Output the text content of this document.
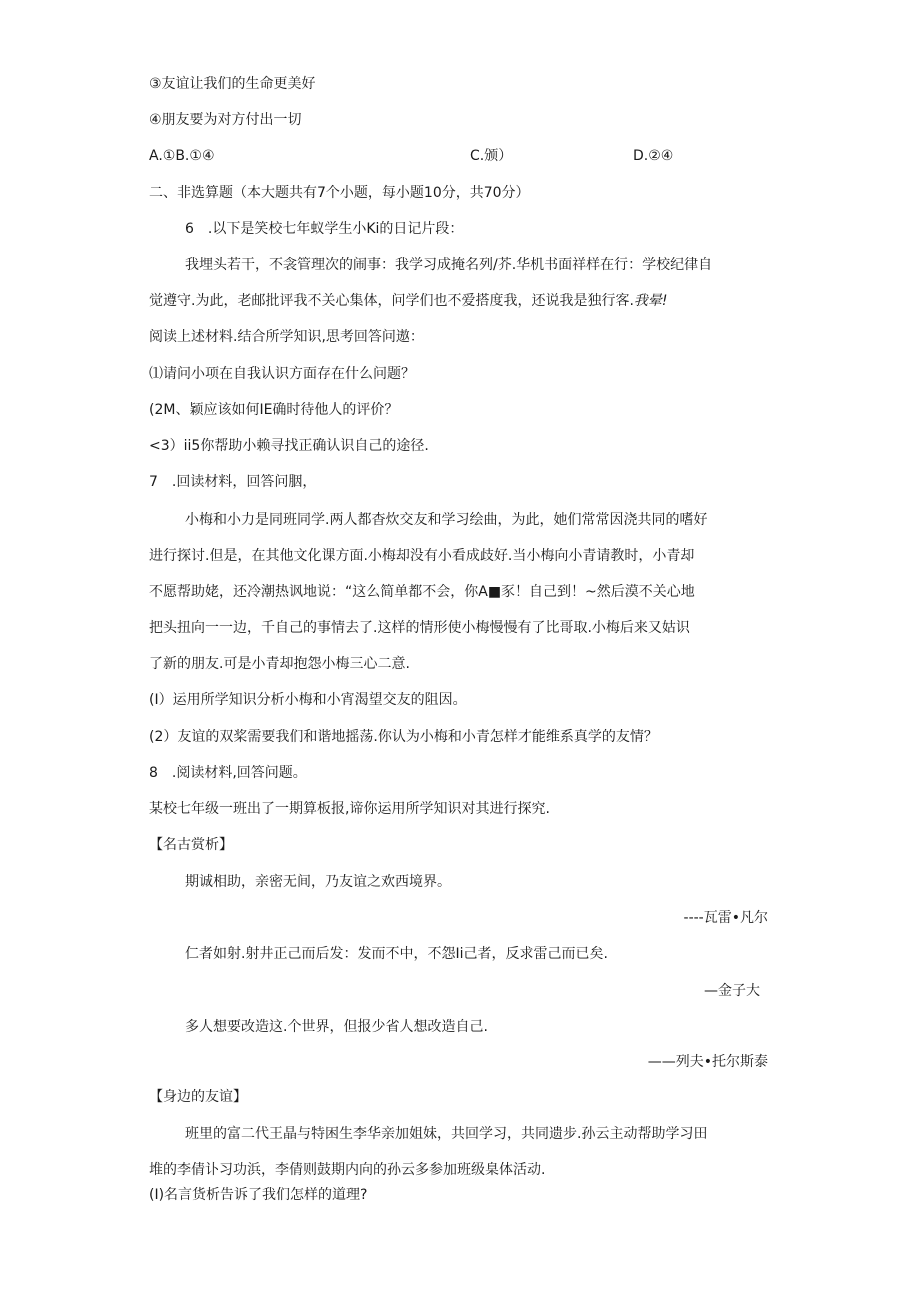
③友谊让我们的生命更美好
④朋友要为对方付出一切
A.①B.①④	C.颁）	D.②④
二、非选算题（本大题共有7个小题，每小题10分，共70分）
6　.以下是笑校七年蚁学生小Ki的日记片段：
我埋头若干，不衾管理次的闹事：我学习成掩名列/芥.华机书面祥样在行：学校纪律自
觉遵守.为此，老邮批评我不关心集体，问学们也不爱搭度我，还说我是独行客.我晕!
阅读上述材料.结合所学知识,思考回答问遨：
⑴请问小项在自我认识方面存在什么问题？
(2M、颖应该如何IE确时待他人的评价？
<3）ii5你帮助小赖寻找正确认识自己的途径.
7　.回读材料，回答问胭，
小梅和小力是同班同学.两人都杳炊交友和学习绘曲，为此，她们常常因浇共同的嗜好
进行探讨.但是，在其他文化课方面.小梅却没有小看成歧好.当小梅向小青请教时，小青却
不愿帮助姥，还冷潮热讽地说：“这么简单都不会，你A■豕！自己到！~然后漠不关心地
把头扭向一一边，千自己的事情去了.这样的情形使小梅慢慢有了比哥取.小梅后来又姑识
了新的朋友.可是小青却抱怨小梅三心二意.
(I）运用所学知识分析小梅和小宵渴望交友的阻因。
(2）友谊的双桨需要我们和谐地摇荡.你认为小梅和小青怎样才能维系真学的友情？
8　.阅读材料,回答问题。
某校七年级一班出了一期算板报,谛你运用所学知识对其进行探究.
【名古赏析】
期诚相助，亲密无间，乃友谊之欢西境界。
----瓦雷•凡尔
仁者如射.射井正己而后发：发而不中，不怨Ii己者，反求雷己而已矣.
—金子大
多人想要改造这.个世界，但报少省人想改造自己.
——列夫•托尔斯泰
【身边的友谊】
班里的富二代王晶与特困生李华亲加姐妹，共回学习，共同遗步.孙云主动帮助学习田
堆的李倩讣习功浜，李倩则鼓期内向的孙云多参加班级臬体活动.
(I)名言货析告诉了我们怎样的道理?
